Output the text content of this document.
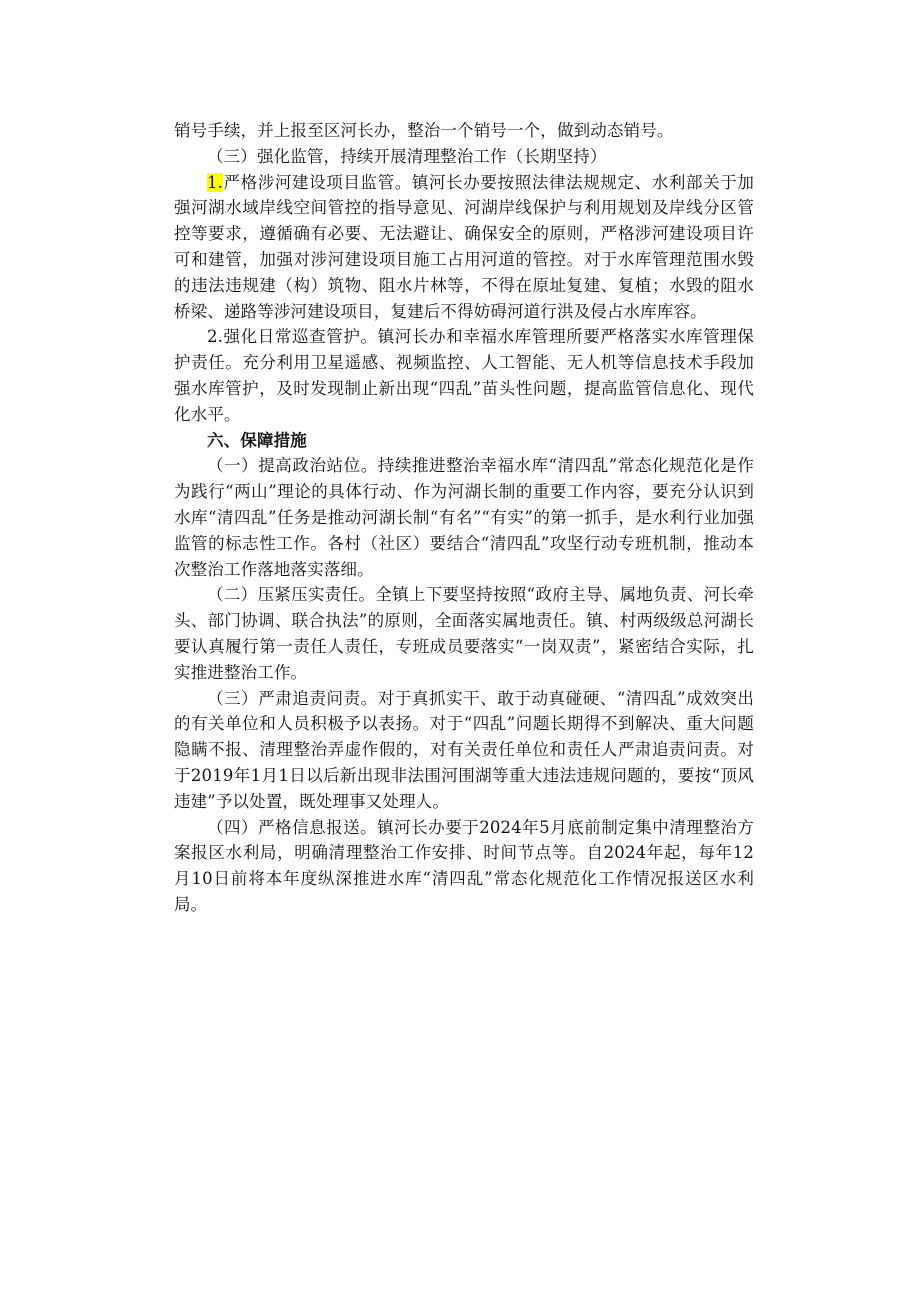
销号手续，并上报至区河长办，整治一个销号一个，做到动态销号。

（三）强化监管，持续开展清理整治工作（长期坚持）

1.严格涉河建设项目监管。镇河长办要按照法律法规规定、水利部关于加强河湖水域岸线空间管控的指导意见、河湖岸线保护与利用规划及岸线分区管控等要求，遵循确有必要、无法避让、确保安全的原则，严格涉河建设项目许可和建管，加强对涉河建设项目施工占用河道的管控。对于水库管理范围水毁的违法违规建（构）筑物、阻水片林等，不得在原址复建、复植；水毁的阻水桥梁、递路等涉河建设项目，复建后不得妨碍河道行洪及侵占水库库容。

2.强化日常巡查管护。镇河长办和幸福水库管理所要严格落实水库管理保护责任。充分利用卫星遥感、视频监控、人工智能、无人机等信息技术手段加强水库管护，及时发现制止新出现“四乱”苗头性问题，提高监管信息化、现代化水平。

六、保障措施

（一）提高政治站位。持续推进整治幸福水库“清四乱”常态化规范化是作为践行“两山”理论的具体行动、作为河湖长制的重要工作内容，要充分认识到水库“清四乱”任务是推动河湖长制“有名”“有实”的第一抓手，是水利行业加强监管的标志性工作。各村（社区）要结合“清四乱”攻坚行动专班机制，推动本次整治工作落地落实落细。

（二）压紧压实责任。全镇上下要坚持按照“政府主导、属地负责、河长牵头、部门协调、联合执法”的原则，全面落实属地责任。镇、村两级级总河湖长要认真履行第一责任人责任，专班成员要落实“一岗双责”，紧密结合实际，扎实推进整治工作。

（三）严肃追责问责。对于真抓实干、敢于动真碰硬、“清四乱”成效突出的有关单位和人员积极予以表扬。对于“四乱”问题长期得不到解决、重大问题隐瞒不报、清理整治弄虚作假的，对有关责任单位和责任人严肃追责问责。对于2019年1月1日以后新出现非法围河围湖等重大违法违规问题的，要按“顶风违建”予以处置，既处理事又处理人。

（四）严格信息报送。镇河长办要于2024年5月底前制定集中清理整治方案报区水利局，明确清理整治工作安排、时间节点等。自2024年起，每年12月10日前将本年度纵深推进水库“清四乱”常态化规范化工作情况报送区水利局。
